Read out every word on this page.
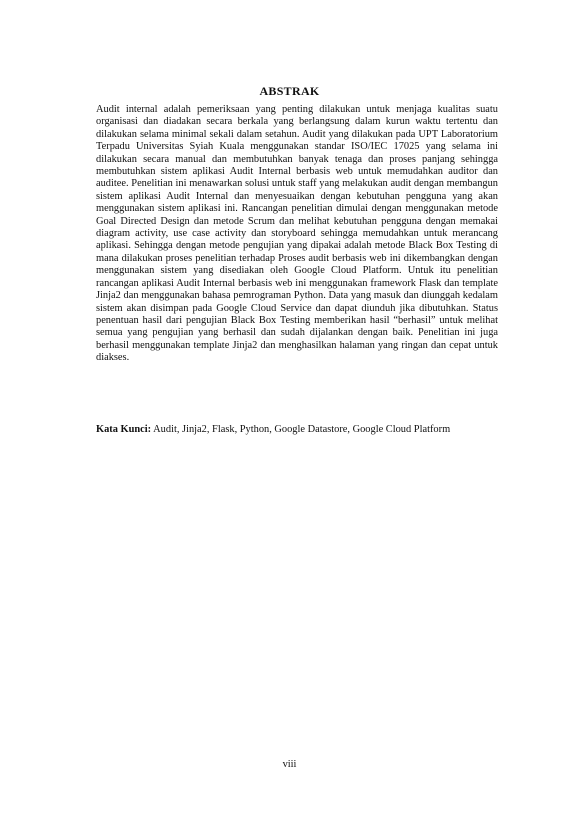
ABSTRAK

Audit internal adalah pemeriksaan yang penting dilakukan untuk menjaga kualitas suatu organisasi dan diadakan secara berkala yang berlangsung dalam kurun waktu tertentu dan dilakukan selama minimal sekali dalam setahun. Audit yang dilakukan pada UPT Laboratorium Terpadu Universitas Syiah Kuala menggunakan standar ISO/IEC 17025 yang selama ini dilakukan secara manual dan membutuhkan banyak tenaga dan proses panjang sehingga membutuhkan sistem aplikasi Audit Internal berbasis web untuk memudahkan auditor dan auditee. Penelitian ini menawarkan solusi untuk staff yang melakukan audit dengan membangun sistem aplikasi Audit Internal dan menyesuaikan dengan kebutuhan pengguna yang akan menggunakan sistem aplikasi ini. Rancangan penelitian dimulai dengan menggunakan metode Goal Directed Design dan metode Scrum dan melihat kebutuhan pengguna dengan memakai diagram activity, use case activity dan storyboard sehingga memudahkan untuk merancang aplikasi. Sehingga dengan metode pengujian yang dipakai adalah metode Black Box Testing di mana dilakukan proses penelitian terhadap Proses audit berbasis web ini dikembangkan dengan menggunakan sistem yang disediakan oleh Google Cloud Platform. Untuk itu penelitian rancangan aplikasi Audit Internal berbasis web ini menggunakan framework Flask dan template Jinja2 dan menggunakan bahasa pemrograman Python. Data yang masuk dan diunggah kedalam sistem akan disimpan pada Google Cloud Service dan dapat diunduh jika dibutuhkan. Status penentuan hasil dari pengujian Black Box Testing memberikan hasil “berhasil” untuk melihat semua yang pengujian yang berhasil dan sudah dijalankan dengan baik. Penelitian ini juga berhasil menggunakan template Jinja2 dan menghasilkan halaman yang ringan dan cepat untuk diakses.

Kata Kunci: Audit, Jinja2, Flask, Python, Google Datastore, Google Cloud Platform

viii
